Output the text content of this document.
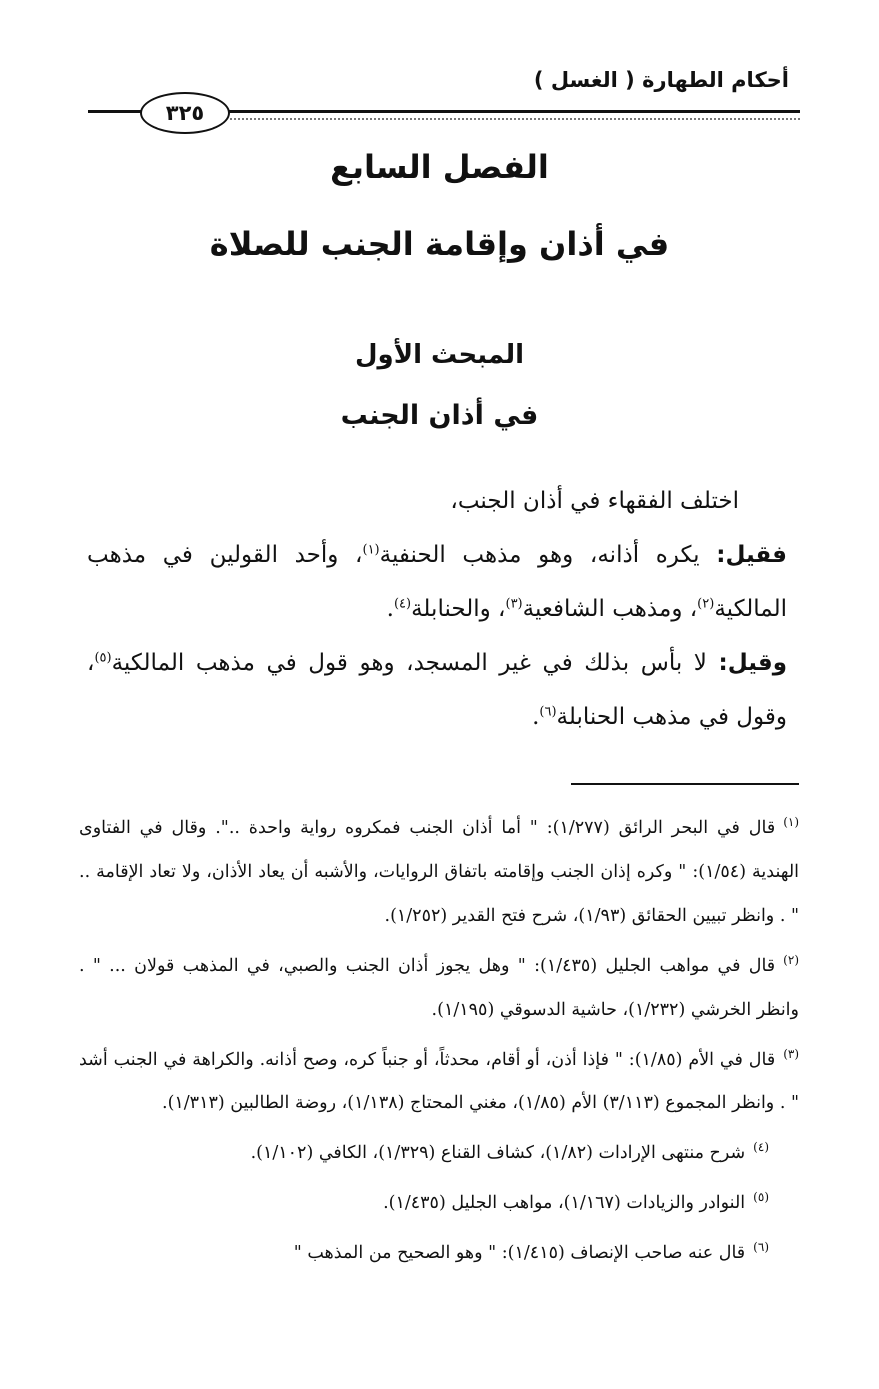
أحكام الطهارة ( الغسل )
٣٢٥
الفصل السابع
في أذان وإقامة الجنب للصلاة
المبحث الأول
في أذان الجنب
اختلف الفقهاء في أذان الجنب،
فقيل: يكره أذانه، وهو مذهب الحنفية$^{(١)}$، وأحد القولين في مذهب المالكية$^{(٢)}$، ومذهب الشافعية$^{(٣)}$، والحنابلة$^{(٤)}$.
وقيل: لا بأس بذلك في غير المسجد، وهو قول في مذهب المالكية$^{(٥)}$، وقول في مذهب الحنابلة$^{(٦)}$.

$^{(١)}$قال في البحر الرائق (١/٢٧٧): " أما أذان الجنب فمكروه رواية واحدة ..". وقال في الفتاوى الهندية (١/٥٤): " وكره إذان الجنب وإقامته باتفاق الروايات، والأشبه أن يعاد الأذان، ولا تعاد الإقامة .. " . وانظر تبيين الحقائق (١/٩٣)، شرح فتح القدير (١/٢٥٢).

$^{(٢)}$قال في مواهب الجليل (١/٤٣٥): " وهل يجوز أذان الجنب والصبي، في المذهب قولان ... " . وانظر الخرشي (١/٢٣٢)، حاشية الدسوقي (١/١٩٥).

$^{(٣)}$قال في الأم (١/٨٥): " فإذا أذن، أو أقام، محدثاً، أو جنباً كره، وصح أذانه. والكراهة في الجنب أشد " . وانظر المجموع (٣/١١٣) الأم (١/٨٥)، مغني المحتاج (١/١٣٨)، روضة الطالبين (١/٣١٣).

$^{(٤)}$شرح منتهى الإرادات (١/٨٢)، كشاف القناع (١/٣٢٩)، الكافي (١/١٠٢).

$^{(٥)}$النوادر والزيادات (١/١٦٧)، مواهب الجليل (١/٤٣٥).

$^{(٦)}$قال عنه صاحب الإنصاف (١/٤١٥): " وهو الصحيح من المذهب "
